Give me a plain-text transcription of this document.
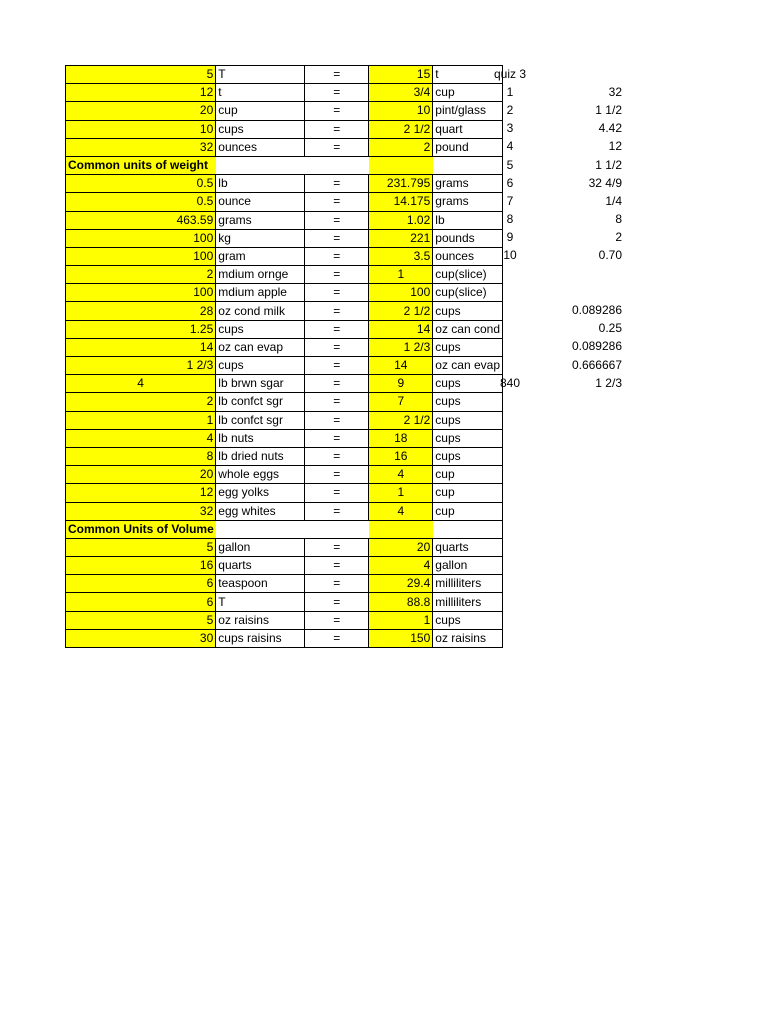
5	T	=	15	t
12	t	=	3/4	cup
20	cup	=	10	pint/glass
10	cups	=	2 1/2	quart
32	ounces	=	2	pound
Common units of weight				
0.5	lb	=	231.795	grams
0.5	ounce	=	14.175	grams
463.59	grams	=	1.02	lb
100	kg	=	221	pounds
100	gram	=	3.5	ounces
2	mdium ornge	=	1	cup(slice)
100	mdium apple	=	100	cup(slice)
28	oz cond milk	=	2 1/2	cups
1.25	cups	=	14	oz can cond
14	oz can evap	=	1 2/3	cups
1 2/3	cups	=	14	oz can evap
4	lb brwn sgar	=	9	cups
2	lb confct sgr	=	7	cups
1	lb confct sgr	=	2 1/2	cups
4	lb nuts	=	18	cups
8	lb dried nuts	=	16	cups
20	whole eggs	=	4	cup
12	egg yolks	=	1	cup
32	egg whites	=	4	cup
Common Units of Volume				
5	gallon	=	20	quarts
16	quarts	=	4	gallon
6	teaspoon	=	29.4	milliliters
6	T	=	88.8	milliliters
5	oz raisins	=	1	cups
30	cups raisins	=	150	oz raisins
quiz 3	
1	32
2	1 1/2
3	4.42
4	12
5	1 1/2
6	32 4/9
7	1/4
8	8
9	2
10	0.70

	0.089286
	0.25
	0.089286
	0.666667
840	1 2/3
